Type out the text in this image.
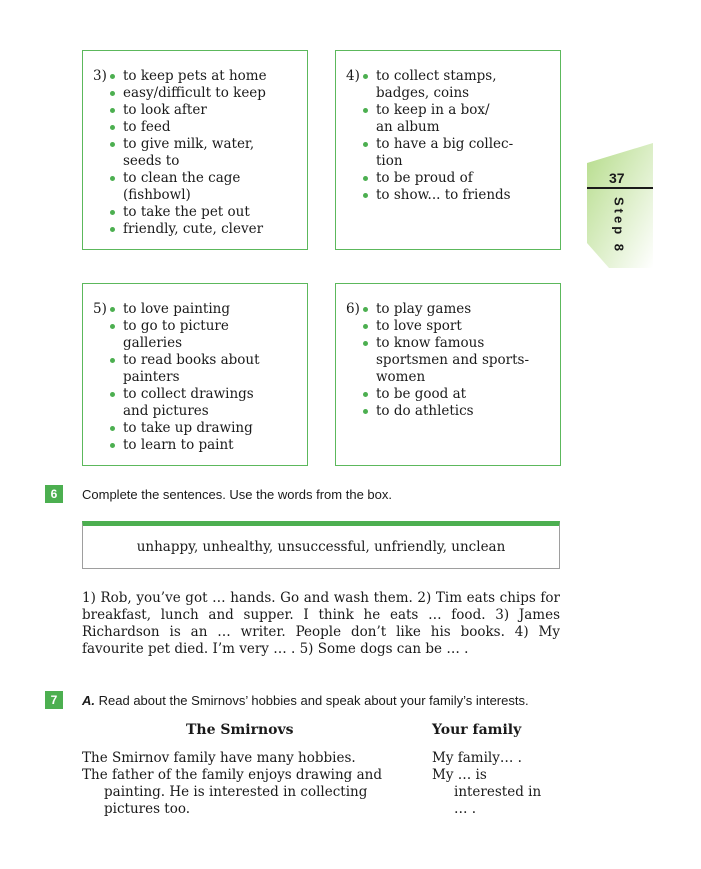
37
Step 8
3)	to keep pets at home
easy/difficult to keep
to look after
to feed
to give milk, water,
seeds to
to clean the cage
(fishbowl)
to take the pet out
friendly, cute, clever
4)	to collect stamps,
badges, coins
to keep in a box/
an album
to have a big collec-
tion
to be proud of
to show... to friends
5)	to love painting
to go to picture
galleries
to read books about
painters
to collect drawings
and pictures
to take up drawing
to learn to paint
6)	to play games
to love sport
to know famous
sportsmen and sports-
women
to be good at
to do athletics
6	Complete the sentences. Use the words from the box.
unhappy, unhealthy, unsuccessful, unfriendly, unclean
1) Rob, you’ve got … hands. Go and wash them. 2) Tim eats chips for breakfast, lunch and supper. I think he eats … food. 3) James Richardson is an … writer. People don’t like his books. 4) My favourite pet died. I’m very … . 5) Some dogs can be … .
7	A. Read about the Smirnovs’ hobbies and speak about your family’s interests.
The Smirnovs	Your family
The Smirnov family have many hobbies.
The father of the family enjoys drawing and painting. He is interested in collecting pictures too.
My family… .
My … is interested in … .
